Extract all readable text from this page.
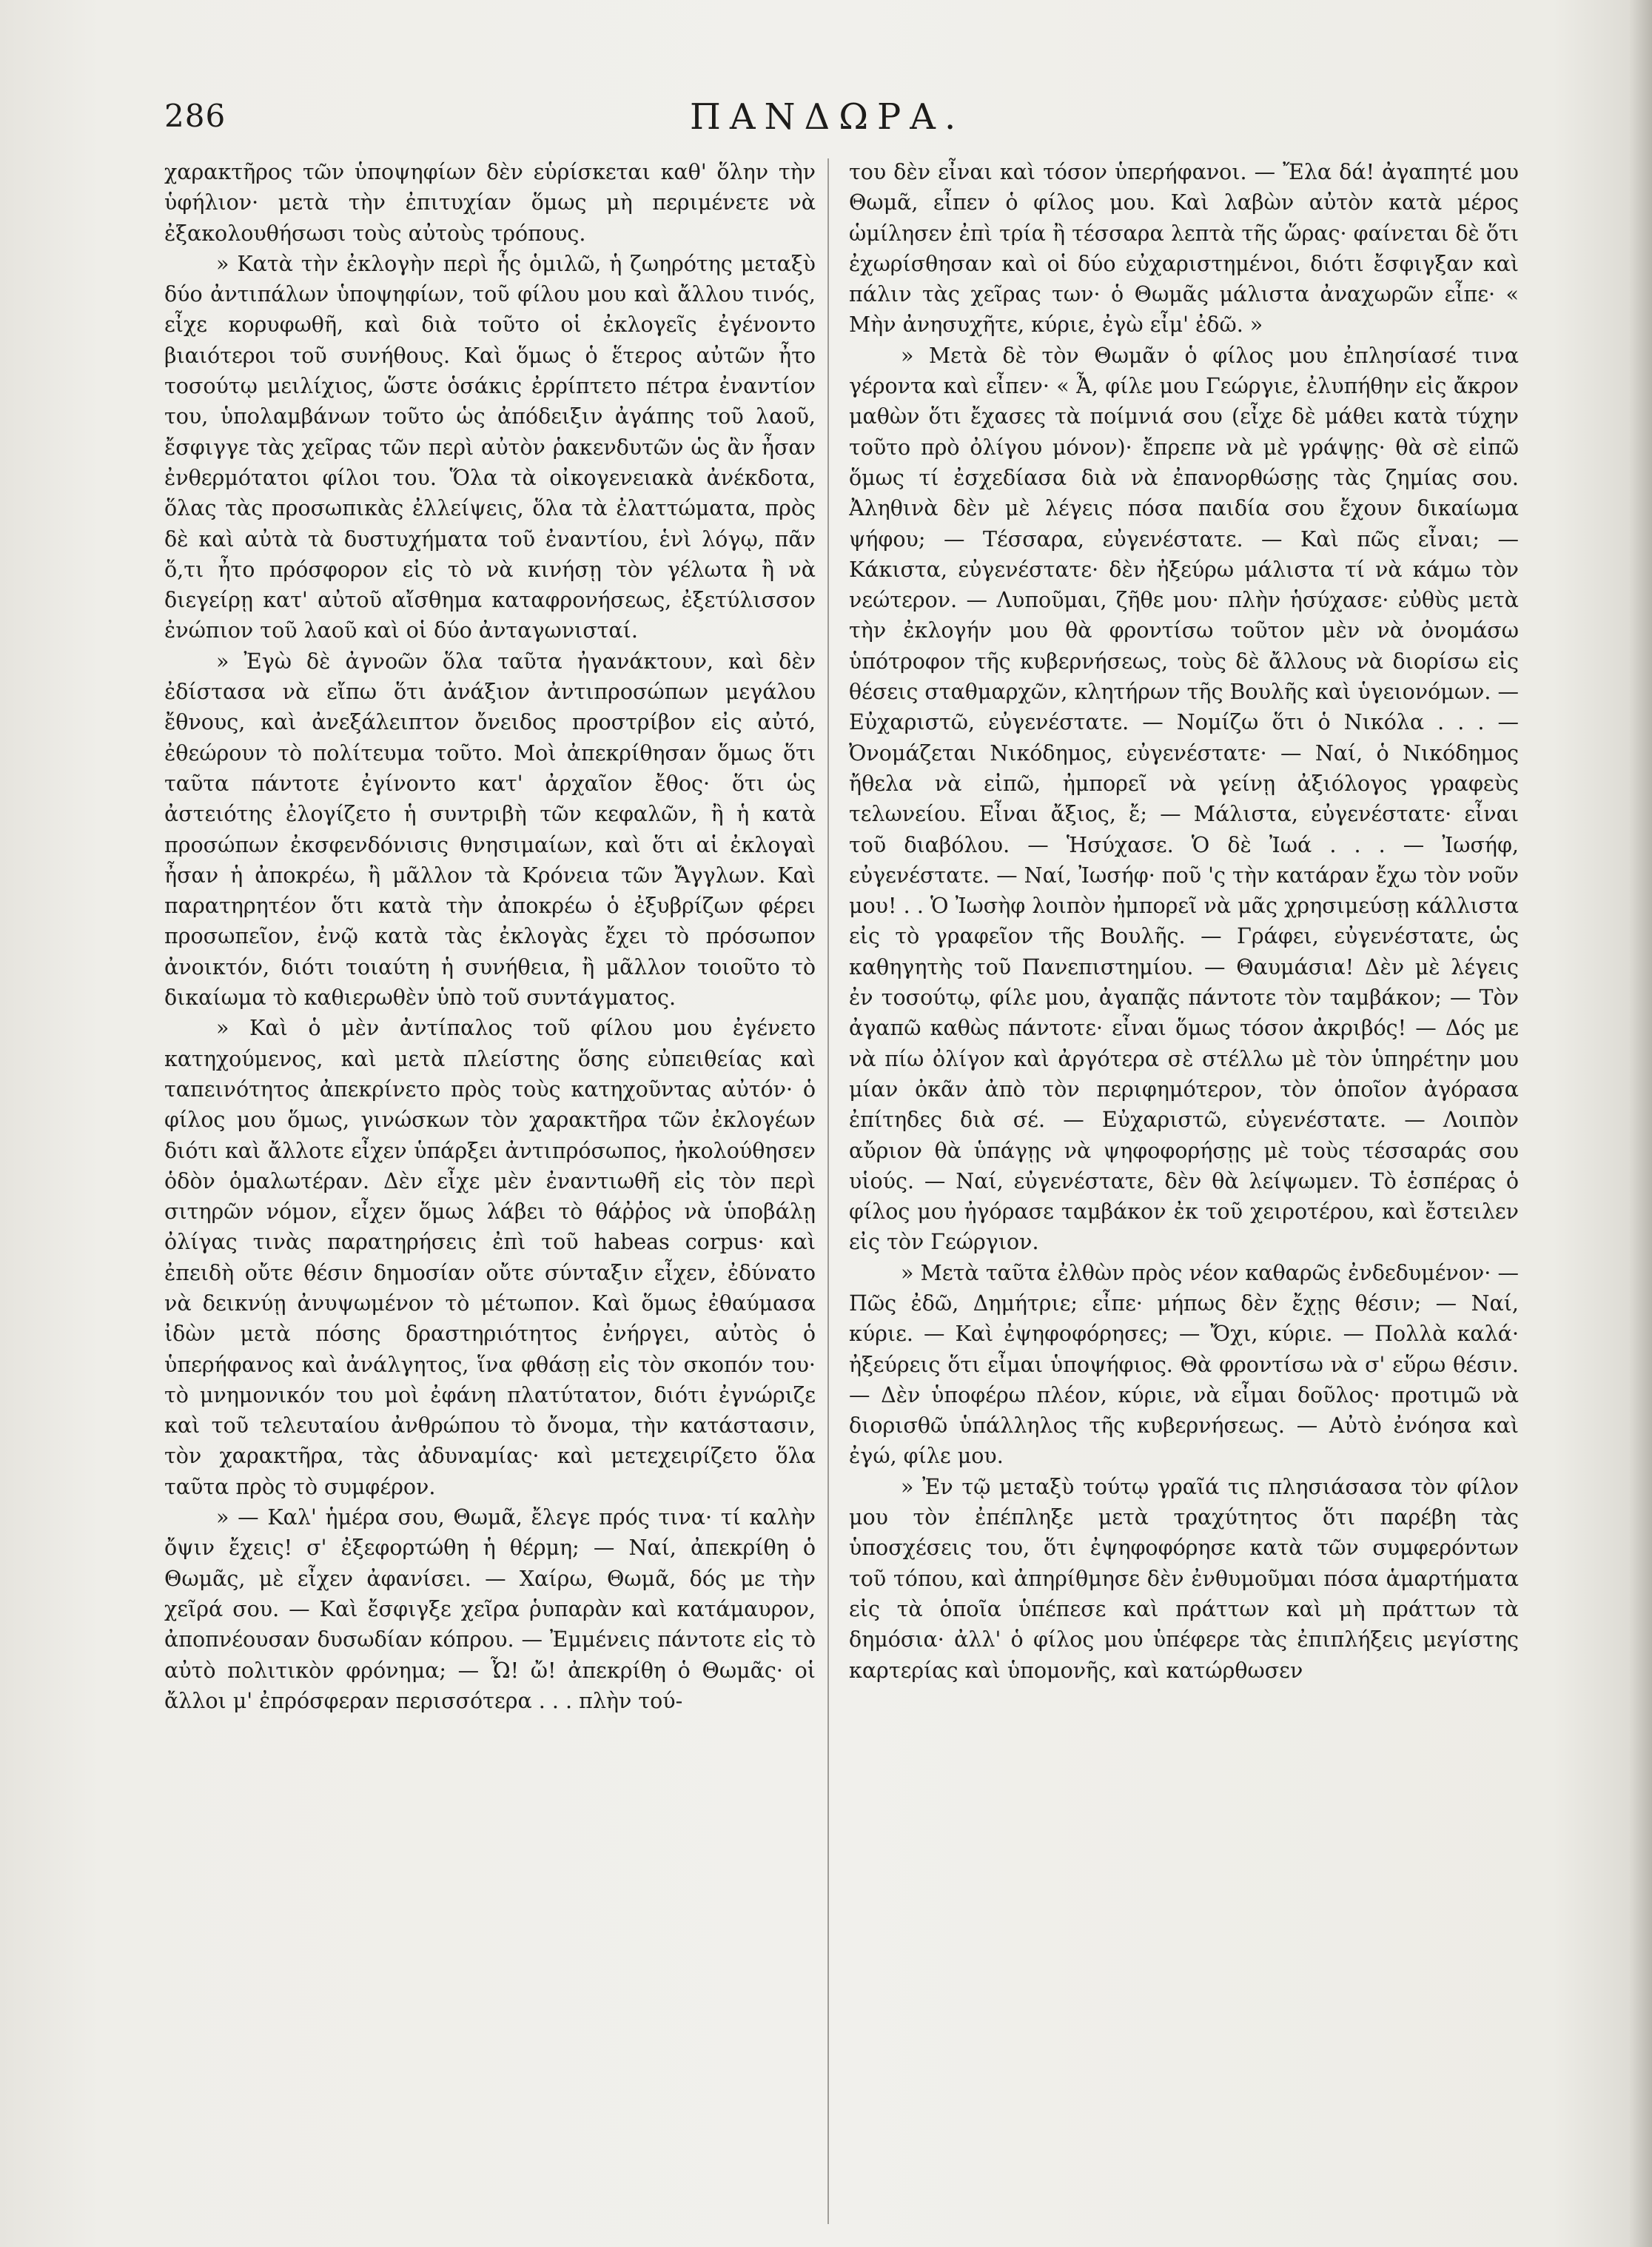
286	ΠΑΝΔΩΡΑ.

χαρακτῆρος τῶν ὑποψηφίων δὲν εὑρίσκεται καθ' ὅλην τὴν ὑφήλιον· μετὰ τὴν ἐπιτυχίαν ὅμως μὴ περιμένετε νὰ ἐξακολουθήσωσι τοὺς αὐτοὺς τρόπους.

» Κατὰ τὴν ἐκλογὴν περὶ ἧς ὁμιλῶ, ἡ ζωηρότης μεταξὺ δύο ἀντιπάλων ὑποψηφίων, τοῦ φίλου μου καὶ ἄλλου τινός, εἶχε κορυφωθῆ, καὶ διὰ τοῦτο οἱ ἐκλογεῖς ἐγένοντο βιαιότεροι τοῦ συνήθους. Καὶ ὅμως ὁ ἕτερος αὐτῶν ἦτο τοσούτῳ μειλίχιος, ὥστε ὁσάκις ἐρρίπτετο πέτρα ἐναντίον του, ὑπολαμβάνων τοῦτο ὡς ἀπόδειξιν ἀγάπης τοῦ λαοῦ, ἔσφιγγε τὰς χεῖρας τῶν περὶ αὐτὸν ῥακενδυτῶν ὡς ἂν ἦσαν ἐνθερμότατοι φίλοι του. Ὅλα τὰ οἰκογενειακὰ ἀνέκδοτα, ὅλας τὰς προσωπικὰς ἐλλείψεις, ὅλα τὰ ἐλαττώματα, πρὸς δὲ καὶ αὐτὰ τὰ δυστυχήματα τοῦ ἐναντίου, ἑνὶ λόγῳ, πᾶν ὅ,τι ἦτο πρόσφορον εἰς τὸ νὰ κινήσῃ τὸν γέλωτα ἢ νὰ διεγείρῃ κατ' αὐτοῦ αἴσθημα καταφρονήσεως, ἐξετύλισσον ἐνώπιον τοῦ λαοῦ καὶ οἱ δύο ἀνταγωνισταί.

» Ἐγὼ δὲ ἀγνοῶν ὅλα ταῦτα ἠγανάκτουν, καὶ δὲν ἐδίστασα νὰ εἴπω ὅτι ἀνάξιον ἀντιπροσώπων μεγάλου ἔθνους, καὶ ἀνεξάλειπτον ὄνειδος προστρίβον εἰς αὐτό, ἐθεώρουν τὸ πολίτευμα τοῦτο. Μοὶ ἀπεκρίθησαν ὅμως ὅτι ταῦτα πάντοτε ἐγίνοντο κατ' ἀρχαῖον ἔθος· ὅτι ὡς ἀστειότης ἐλογίζετο ἡ συντριβὴ τῶν κεφαλῶν, ἢ ἡ κατὰ προσώπων ἐκσφενδόνισις θνησιμαίων, καὶ ὅτι αἱ ἐκλογαὶ ἦσαν ἡ ἀποκρέω, ἢ μᾶλλον τὰ Κρόνεια τῶν Ἄγγλων. Καὶ παρατηρητέον ὅτι κατὰ τὴν ἀποκρέω ὁ ἐξυβρίζων φέρει προσωπεῖον, ἐνῷ κατὰ τὰς ἐκλογὰς ἔχει τὸ πρόσωπον ἀνοικτόν, διότι τοιαύτη ἡ συνήθεια, ἢ μᾶλλον τοιοῦτο τὸ δικαίωμα τὸ καθιερωθὲν ὑπὸ τοῦ συντάγματος.

» Καὶ ὁ μὲν ἀντίπαλος τοῦ φίλου μου ἐγένετο κατηχούμενος, καὶ μετὰ πλείστης ὅσης εὐπειθείας καὶ ταπεινότητος ἀπεκρίνετο πρὸς τοὺς κατηχοῦντας αὐτόν· ὁ φίλος μου ὅμως, γινώσκων τὸν χαρακτῆρα τῶν ἐκλογέων διότι καὶ ἄλλοτε εἶχεν ὑπάρξει ἀντιπρόσωπος, ἠκολούθησεν ὁδὸν ὁμαλωτέραν. Δὲν εἶχε μὲν ἐναντιωθῆ εἰς τὸν περὶ σιτηρῶν νόμον, εἶχεν ὅμως λάβει τὸ θάῤῥος νὰ ὑποβάλῃ ὀλίγας τινὰς παρατηρήσεις ἐπὶ τοῦ habeas corpus· καὶ ἐπειδὴ οὔτε θέσιν δημοσίαν οὔτε σύνταξιν εἶχεν, ἐδύνατο νὰ δεικνύῃ ἀνυψωμένον τὸ μέτωπον. Καὶ ὅμως ἐθαύμασα ἰδὼν μετὰ πόσης δραστηριότητος ἐνήργει, αὐτὸς ὁ ὑπερήφανος καὶ ἀνάλγητος, ἵνα φθάσῃ εἰς τὸν σκοπόν του· τὸ μνημονικόν του μοὶ ἐφάνη πλατύτατον, διότι ἐγνώριζε καὶ τοῦ τελευταίου ἀνθρώπου τὸ ὄνομα, τὴν κατάστασιν, τὸν χαρακτῆρα, τὰς ἀδυναμίας· καὶ μετεχειρίζετο ὅλα ταῦτα πρὸς τὸ συμφέρον.

» — Καλ' ἡμέρα σου, Θωμᾶ, ἔλεγε πρός τινα· τί καλὴν ὄψιν ἔχεις! σ' ἐξεφορτώθη ἡ θέρμη; — Ναί, ἀπεκρίθη ὁ Θωμᾶς, μὲ εἶχεν ἀφανίσει. — Χαίρω, Θωμᾶ, δός με τὴν χεῖρά σου. — Καὶ ἔσφιγξε χεῖρα ῥυπαρὰν καὶ κατάμαυρον, ἀποπνέουσαν δυσωδίαν κόπρου. — Ἐμμένεις πάντοτε εἰς τὸ αὐτὸ πολιτικὸν φρόνημα; — Ὦ! ὤ! ἀπεκρίθη ὁ Θωμᾶς· οἱ ἄλλοι μ' ἐπρόσφεραν περισσότερα . . . πλὴν τού-

του δὲν εἶναι καὶ τόσον ὑπερήφανοι. — Ἔλα δά! ἀγαπητέ μου Θωμᾶ, εἶπεν ὁ φίλος μου. Καὶ λαβὼν αὐτὸν κατὰ μέρος ὡμίλησεν ἐπὶ τρία ἢ τέσσαρα λεπτὰ τῆς ὥρας· φαίνεται δὲ ὅτι ἐχωρίσθησαν καὶ οἱ δύο εὐχαριστημένοι, διότι ἔσφιγξαν καὶ πάλιν τὰς χεῖρας των· ὁ Θωμᾶς μάλιστα ἀναχωρῶν εἶπε· « Μὴν ἀνησυχῆτε, κύριε, ἐγὼ εἶμ' ἐδῶ. »

» Μετὰ δὲ τὸν Θωμᾶν ὁ φίλος μου ἐπλησίασέ τινα γέροντα καὶ εἶπεν· « Ἆ, φίλε μου Γεώργιε, ἐλυπήθην εἰς ἄκρον μαθὼν ὅτι ἔχασες τὰ ποίμνιά σου (εἶχε δὲ μάθει κατὰ τύχην τοῦτο πρὸ ὀλίγου μόνον)· ἔπρεπε νὰ μὲ γράψῃς· θὰ σὲ εἰπῶ ὅμως τί ἐσχεδίασα διὰ νὰ ἐπανορθώσῃς τὰς ζημίας σου. Ἀληθινὰ δὲν μὲ λέγεις πόσα παιδία σου ἔχουν δικαίωμα ψήφου; — Τέσσαρα, εὐγενέστατε. — Καὶ πῶς εἶναι; — Κάκιστα, εὐγενέστατε· δὲν ἠξεύρω μάλιστα τί νὰ κάμω τὸν νεώτερον. — Λυποῦμαι, ζῆθε μου· πλὴν ἡσύχασε· εὐθὺς μετὰ τὴν ἐκλογήν μου θὰ φροντίσω τοῦτον μὲν νὰ ὀνομάσω ὑπότροφον τῆς κυβερνήσεως, τοὺς δὲ ἄλλους νὰ διορίσω εἰς θέσεις σταθμαρχῶν, κλητήρων τῆς Βουλῆς καὶ ὑγειονόμων. — Εὐχαριστῶ, εὐγενέστατε. — Νομίζω ὅτι ὁ Νικόλα . . . — Ὀνομάζεται Νικόδημος, εὐγενέστατε· — Ναί, ὁ Νικόδημος ἤθελα νὰ εἰπῶ, ἠμπορεῖ νὰ γείνῃ ἀξιόλογος γραφεὺς τελωνείου. Εἶναι ἄξιος, ἔ; — Μάλιστα, εὐγενέστατε· εἶναι τοῦ διαβόλου. — Ἡσύχασε. Ὁ δὲ Ἰωά . . . — Ἰωσήφ, εὐγενέστατε. — Ναί, Ἰωσήφ· ποῦ 'ς τὴν κατάραν ἔχω τὸν νοῦν μου! . . Ὁ Ἰωσὴφ λοιπὸν ἠμπορεῖ νὰ μᾶς χρησιμεύσῃ κάλλιστα εἰς τὸ γραφεῖον τῆς Βουλῆς. — Γράφει, εὐγενέστατε, ὡς καθηγητὴς τοῦ Πανεπιστημίου. — Θαυμάσια! Δὲν μὲ λέγεις ἐν τοσούτῳ, φίλε μου, ἀγαπᾷς πάντοτε τὸν ταμβάκον; — Τὸν ἀγαπῶ καθὼς πάντοτε· εἶναι ὅμως τόσον ἀκριβός! — Δός με νὰ πίω ὀλίγον καὶ ἀργότερα σὲ στέλλω μὲ τὸν ὑπηρέτην μου μίαν ὀκᾶν ἀπὸ τὸν περιφημότερον, τὸν ὁποῖον ἀγόρασα ἐπίτηδες διὰ σέ. — Εὐχαριστῶ, εὐγενέστατε. — Λοιπὸν αὔριον θὰ ὑπάγῃς νὰ ψηφοφορήσῃς μὲ τοὺς τέσσαράς σου υἱούς. — Ναί, εὐγενέστατε, δὲν θὰ λείψωμεν. Τὸ ἑσπέρας ὁ φίλος μου ἠγόρασε ταμβάκον ἐκ τοῦ χειροτέρου, καὶ ἔστειλεν εἰς τὸν Γεώργιον.

» Μετὰ ταῦτα ἐλθὼν πρὸς νέον καθαρῶς ἐνδεδυμένον· — Πῶς ἐδῶ, Δημήτριε; εἶπε· μήπως δὲν ἔχῃς θέσιν; — Ναί, κύριε. — Καὶ ἐψηφοφόρησες; — Ὄχι, κύριε. — Πολλὰ καλά· ἠξεύρεις ὅτι εἶμαι ὑποψήφιος. Θὰ φροντίσω νὰ σ' εὕρω θέσιν. — Δὲν ὑποφέρω πλέον, κύριε, νὰ εἶμαι δοῦλος· προτιμῶ νὰ διορισθῶ ὑπάλληλος τῆς κυβερνήσεως. — Αὐτὸ ἐνόησα καὶ ἐγώ, φίλε μου.

» Ἐν τῷ μεταξὺ τούτῳ γραῖά τις πλησιάσασα τὸν φίλον μου τὸν ἐπέπληξε μετὰ τραχύτητος ὅτι παρέβη τὰς ὑποσχέσεις του, ὅτι ἐψηφοφόρησε κατὰ τῶν συμφερόντων τοῦ τόπου, καὶ ἀπηρίθμησε δὲν ἐνθυμοῦμαι πόσα ἁμαρτήματα εἰς τὰ ὁποῖα ὑπέπεσε καὶ πράττων καὶ μὴ πράττων τὰ δημόσια· ἀλλ' ὁ φίλος μου ὑπέφερε τὰς ἐπιπλήξεις μεγίστης καρτερίας καὶ ὑπομονῆς, καὶ κατώρθωσεν
